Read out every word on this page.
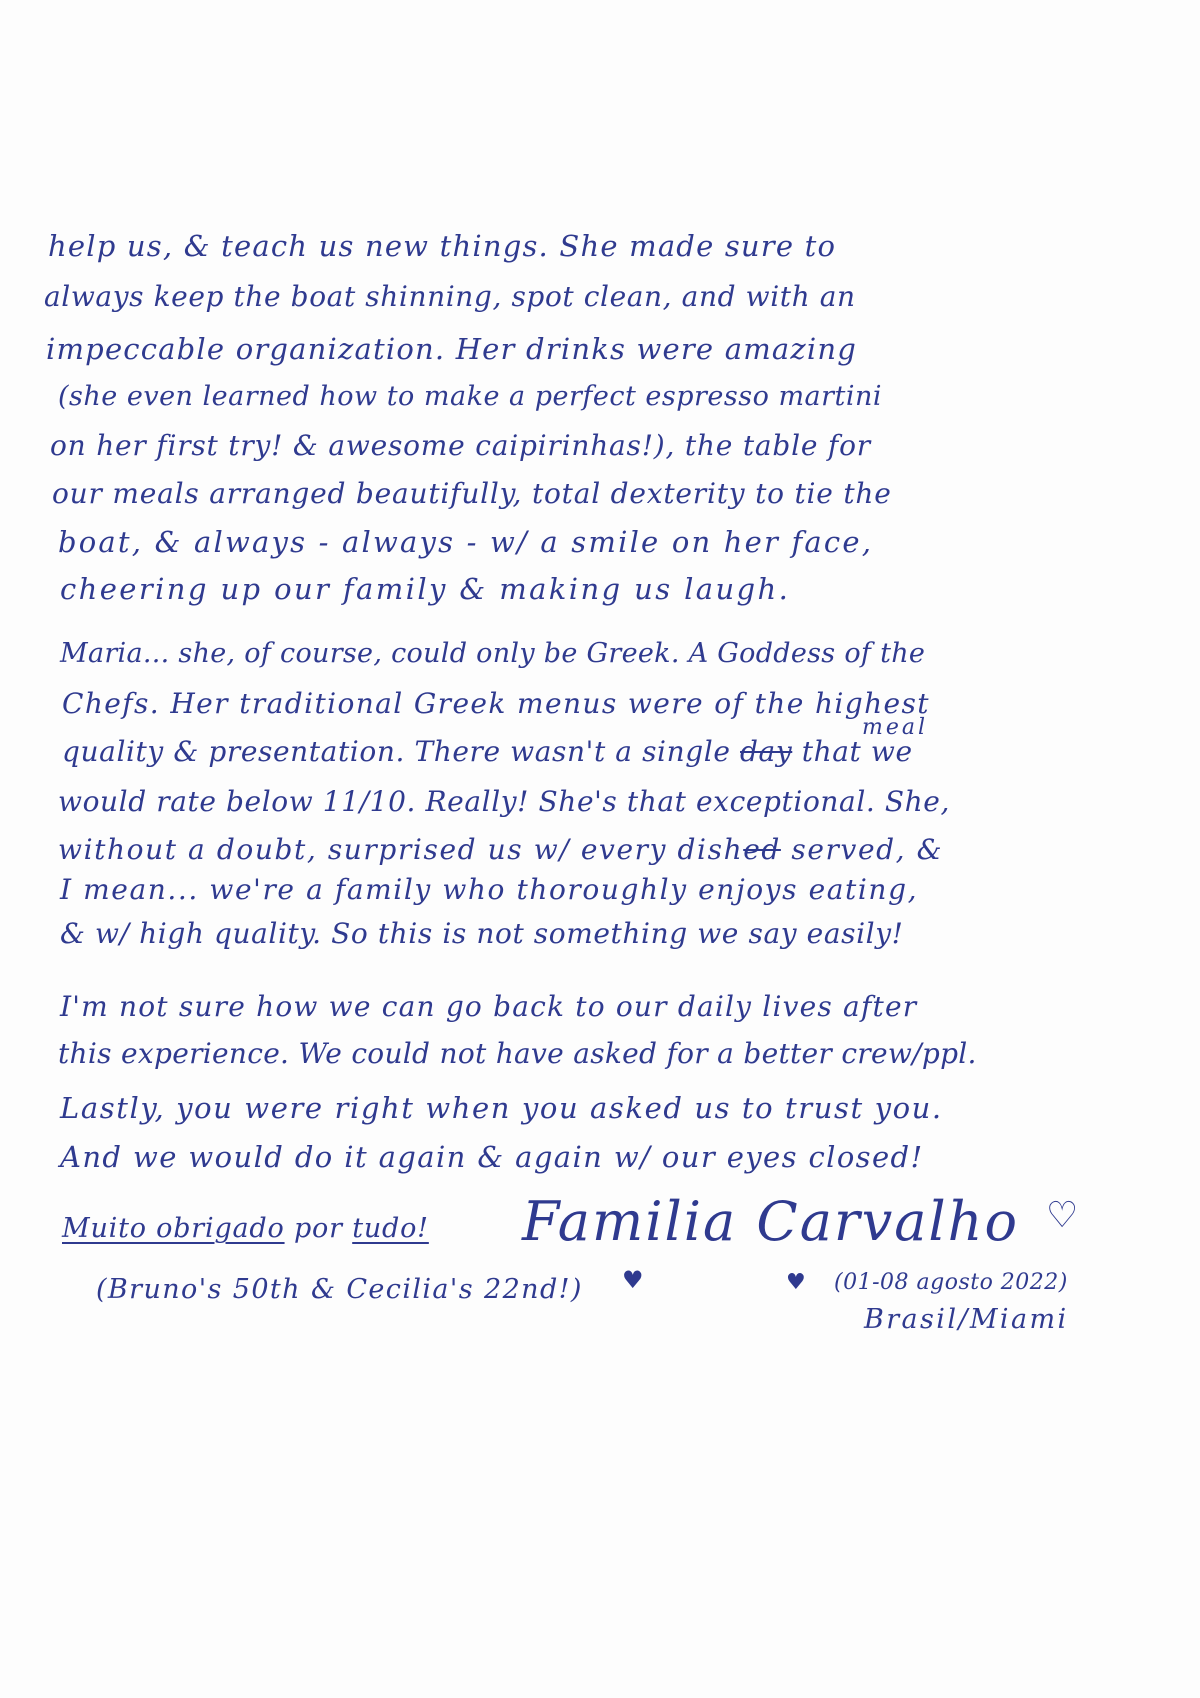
help us, & teach us new things. She made sure to
always keep the boat shinning, spot clean, and with an
impeccable organization. Her drinks were amazing
(she even learned how to make a perfect espresso martini
on her first try! & awesome caipirinhas!), the table for
our meals arranged beautifully, total dexterity to tie the
boat, & always - always - w/ a smile on her face,
cheering up our family & making us laugh.
Maria... she, of course, could only be Greek. A Goddess of the
Chefs. Her traditional Greek menus were of the highest
meal
quality & presentation. There wasn't a single day that we
would rate below 11/10. Really! She's that exceptional. She,
without a doubt, surprised us w/ every dished served, &
I mean... we're a family who thoroughly enjoys eating,
& w/ high quality. So this is not something we say easily!
I'm not sure how we can go back to our daily lives after
this experience. We could not have asked for a better crew/ppl.
Lastly, you were right when you asked us to trust you.
And we would do it again & again w/ our eyes closed!
Muito obrigado por tudo! Familia Carvalho ♡
(Bruno's 50th & Cecilia's 22nd!) ♥	♥ (01-08 agosto 2022)
Brasil/Miami
